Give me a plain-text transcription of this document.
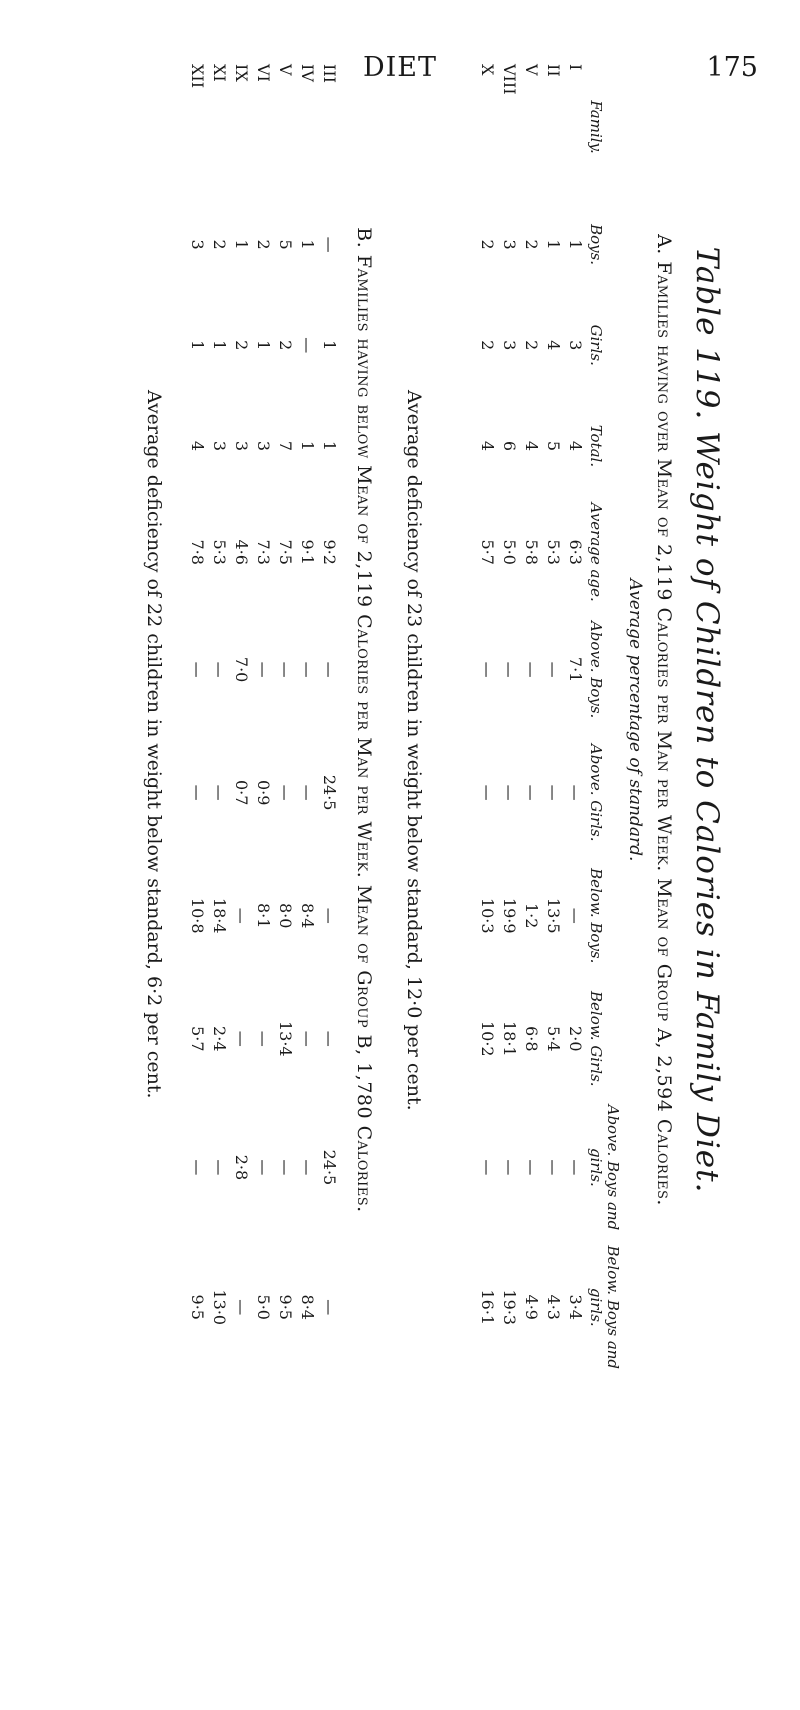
DIET	175
Table 119. Weight of Children to Calories in Family Diet.
A. Families having over Mean of 2,119 Calories per Man per Week. Mean of Group A, 2,594 Calories.
Average percentage of standard.
Family.	Boys.	Girls.	Total.	Average age.	Above. Boys.	Above. Girls.	Below. Boys.	Below. Girls.	Above. Boys and girls.	Below. Boys and girls.
I	1	3	4	6·3	7·1	—	—	2·0	—	3·4
II	1	4	5	5·3	—	—	13·5	5·4	—	4·3
V	2	2	4	5·8	—	—	1·2	6·8	—	4·9
VIII	3	3	6	5·0	—	—	19·9	18·1	—	19·3
X	2	2	4	5·7	—	—	10·3	10·2	—	16·1
Average deficiency of 23 children in weight below standard, 12·0 per cent.
B. Families having below Mean of 2,119 Calories per Man per Week. Mean of Group B, 1,780 Calories.
III	—	1	1	9·2	—	24·5	—	—	24·5	—
IV	1	—	1	9·1	—	—	8·4	—	—	8·4
V	5	2	7	7·5	—	—	8·0	13·4	—	9·5
VI	2	1	3	7·3	—	0·9	8·1	—	—	5·0
IX	1	2	3	4·6	7·0	0·7	—	—	2·8	—
XI	2	1	3	5·3	—	—	18·4	2·4	—	13·0
XII	3	1	4	7·8	—	—	10·8	5·7	—	9·5
Average deficiency of 22 children in weight below standard, 6·2 per cent.
